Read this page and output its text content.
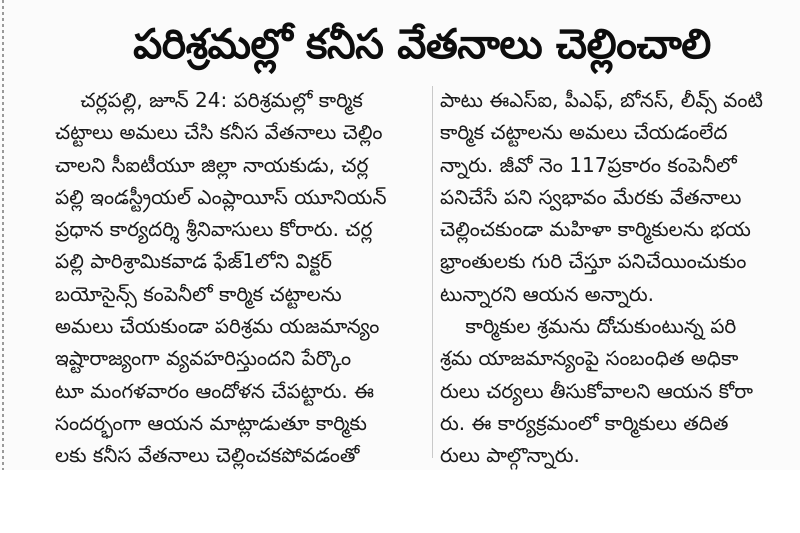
పరిశ్రమల్లో కనీస వేతనాలు చెల్లించాలి
చర్లపల్లి, జూన్ 24: పరిశ్రమల్లో కార్మిక
చట్టాలు అమలు చేసి కనీస వేతనాలు చెల్లిం
చాలని సీఐటీయూ జిల్లా నాయకుడు, చర్ల
పల్లి ఇండస్ట్రీయల్ ఎంప్లాయీస్ యూనియన్
ప్రధాన కార్యదర్శి శ్రీనివాసులు కోరారు. చర్ల
పల్లి పారిశ్రామికవాడ ఫేజ్1లోని విక్టర్
బయోసైన్స్ కంపెనీలో కార్మిక చట్టాలను
అమలు చేయకుండా పరిశ్రమ యజమాన్యం
ఇష్టారాజ్యంగా వ్యవహరిస్తుందని పేర్కొం
టూ మంగళవారం ఆందోళన చేపట్టారు. ఈ
సందర్భంగా ఆయన మాట్లాడుతూ కార్మికు
లకు కనీస వేతనాలు చెల్లించకపోవడంతో
పాటు ఈఎస్ఐ, పీఎఫ్, బోనస్, లీవ్స్ వంటి
కార్మిక చట్టాలను అమలు చేయడంలేద
న్నారు. జీవో నెం 117ప్రకారం కంపెనీలో
పనిచేసే పని స్వభావం మేరకు వేతనాలు
చెల్లించకుండా మహిళా కార్మికులను భయ
భ్రాంతులకు గురి చేస్తూ పనిచేయించుకుం
టున్నారని ఆయన అన్నారు.
కార్మికుల శ్రమను దోచుకుంటున్న పరి
శ్రమ యాజమాన్యంపై సంబంధిత అధికా
రులు చర్యలు తీసుకోవాలని ఆయన కోరా
రు. ఈ కార్యక్రమంలో కార్మికులు తదిత
రులు పాల్గొన్నారు.
